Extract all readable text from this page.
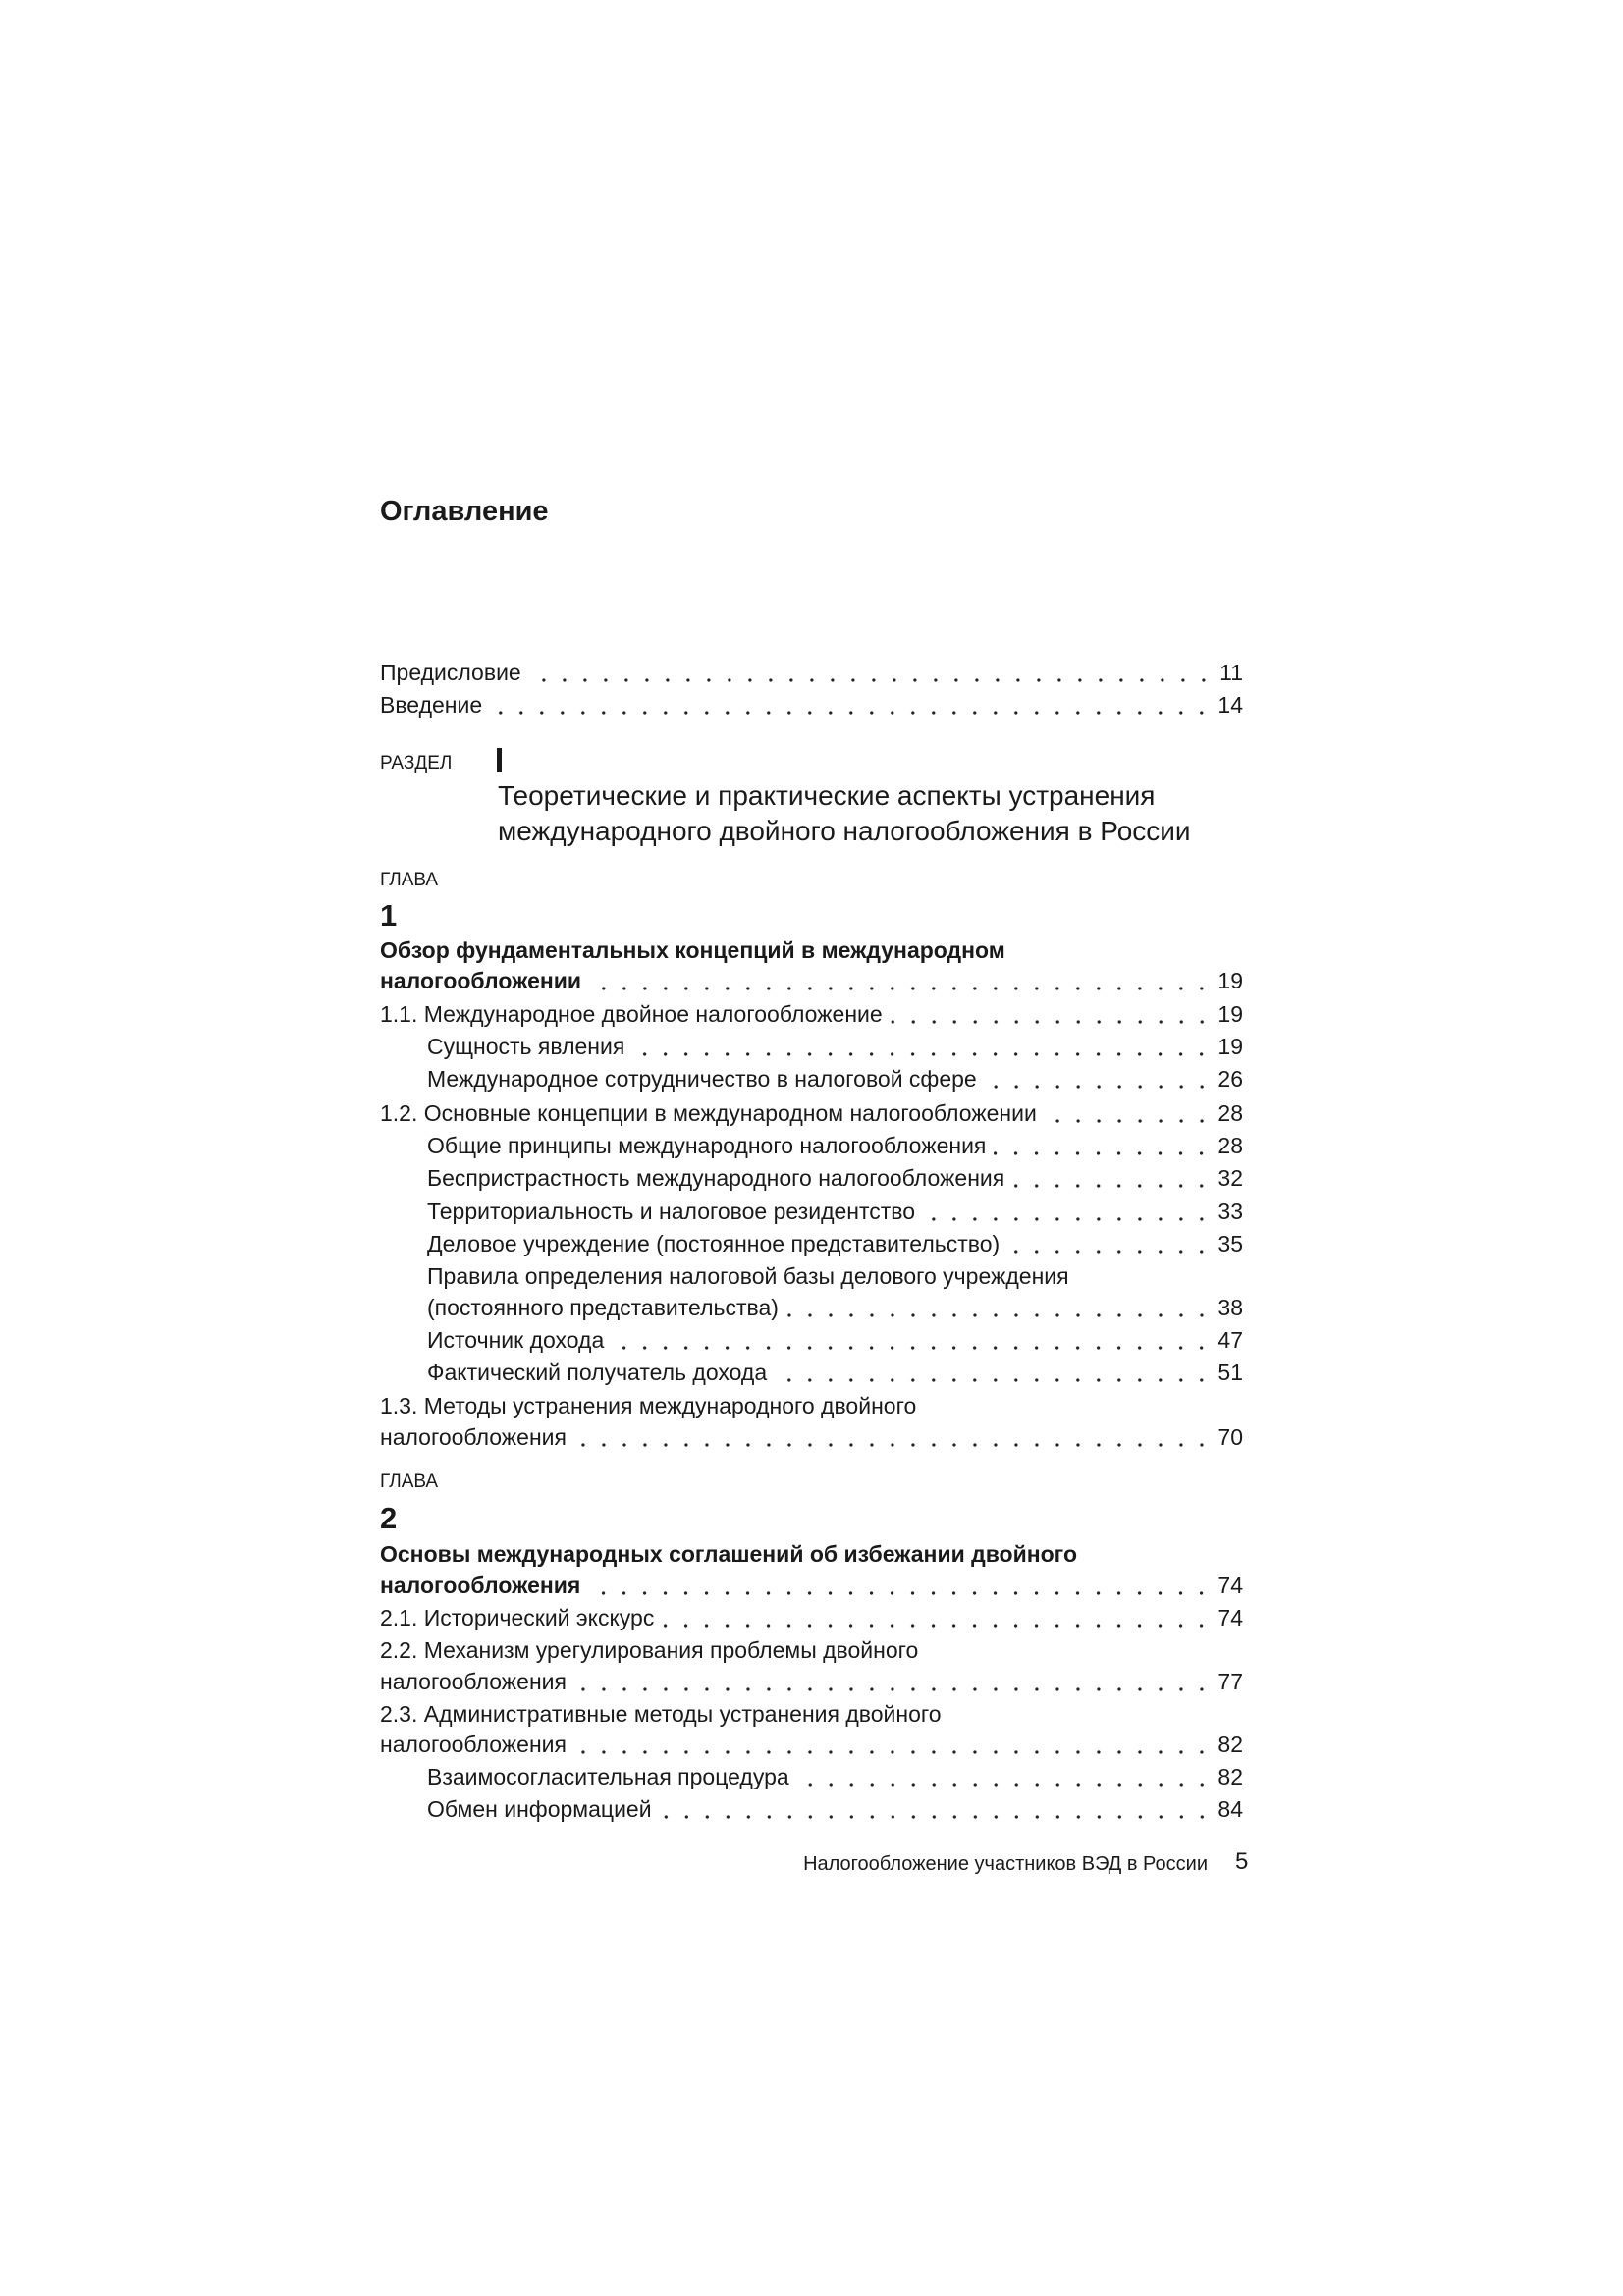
Оглавление
Предисловие	11
Введение	14
РАЗДЕЛ
Теоретические и практические аспекты устранения
международного двойного налогообложения в России
ГЛАВА
1
Обзор фундаментальных концепций в международном
налогообложении	19
1.1. Международное двойное налогообложение	19
Сущность явления	19
Международное сотрудничество в налоговой сфере	26
1.2. Основные концепции в международном налогообложении	28
Общие принципы международного налогообложения	28
Беспристрастность международного налогообложения	32
Территориальность и налоговое резидентство	33
Деловое учреждение (постоянное представительство)	35
Правила определения налоговой базы делового учреждения
(постоянного представительства)	38
Источник дохода	47
Фактический получатель дохода	51
1.3. Методы устранения международного двойного
налогообложения	70
ГЛАВА
2
Основы международных соглашений об избежании двойного
налогообложения	74
2.1. Исторический экскурс	74
2.2. Механизм урегулирования проблемы двойного
налогообложения	77
2.3. Административные методы устранения двойного
налогообложения	82
Взаимосогласительная процедура	82
Обмен информацией	84
Налогообложение участников ВЭД в России 5
